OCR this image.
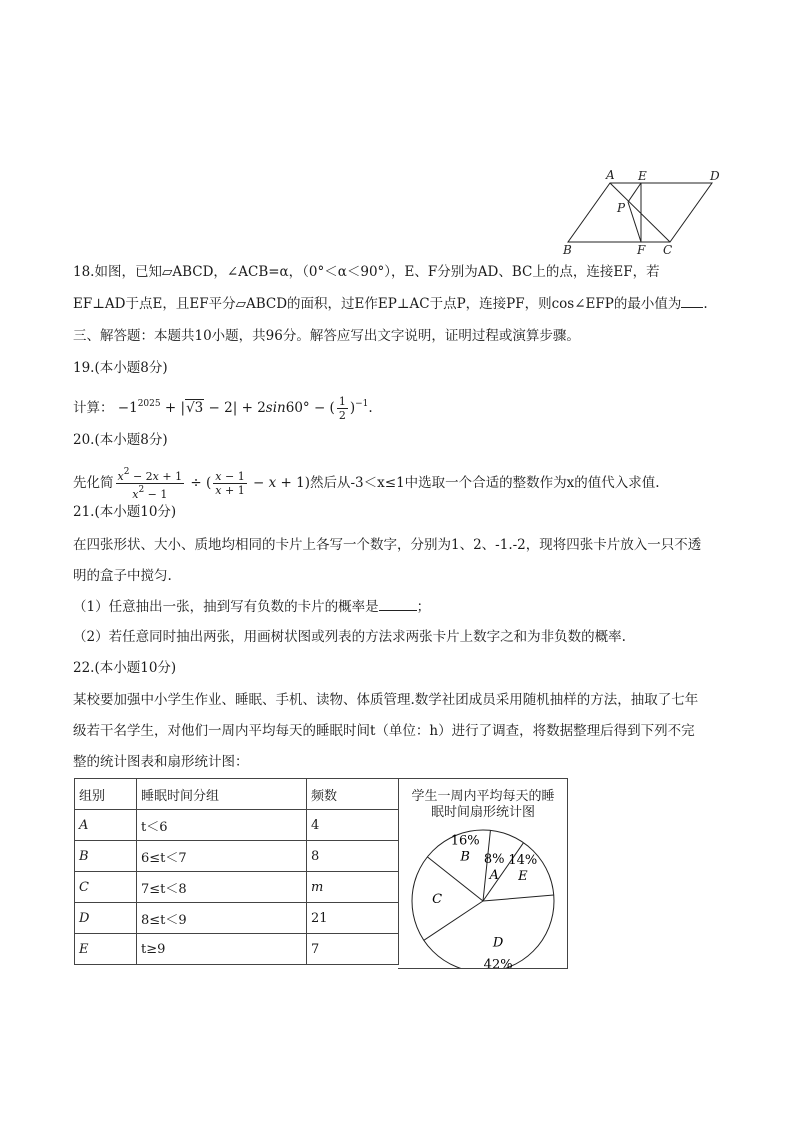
A E	D
P
B	F C
18.如图，已知▱ABCD，∠ACB=α，（0°＜α＜90°），E、F分别为AD、BC上的点，连接EF，若
EF⊥AD于点E，且EF平分▱ABCD的面积，过E作EP⊥AC于点P，连接PF，则cos∠EFP的最小值为 .
三、解答题：本题共10小题，共96分。解答应写出文字说明，证明过程或演算步骤。
19.(本小题8分)
计算： $-1^{2025} + |√3 - 2| + 2\sin 60^\circ$ − ( $\frac{1}{2} )^{-1}$.
20.(本小题8分)
先化简 $\frac{x^2 - 2x + 1}{x^2 - 1}$ ÷ ( $\frac{x - 1}{x + 1} - x + 1$)然后从-3＜x≤1中选取一个合适的整数作为x的值代入求值.
21.(本小题10分)
在四张形状、大小、质地均相同的卡片上各写一个数字，分别为1、2、-1.-2，现将四张卡片放入一只不透
明的盒子中搅匀.
（1）任意抽出一张，抽到写有负数的卡片的概率是	；
（2）若任意同时抽出两张，用画树状图或列表的方法求两张卡片上数字之和为非负数的概率.
22.(本小题10分)
某校要加强中小学生作业、睡眠、手机、读物、体质管理.数学社团成员采用随机抽样的方法，抽取了七年
级若干名学生，对他们一周内平均每天的睡眠时间t（单位：h）进行了调查，将数据整理后得到下列不完
整的统计图表和扇形统计图：
组别	睡眠时间分组	频数
A	t＜6	4
B	6≤t＜7	8
C	7≤t＜8	m
D	8≤t＜9	21
E	t≥9	7
学生一周内平均每天的睡
眠时间扇形统计图
8%
A
14%
E
42%
D
C
16%
B
